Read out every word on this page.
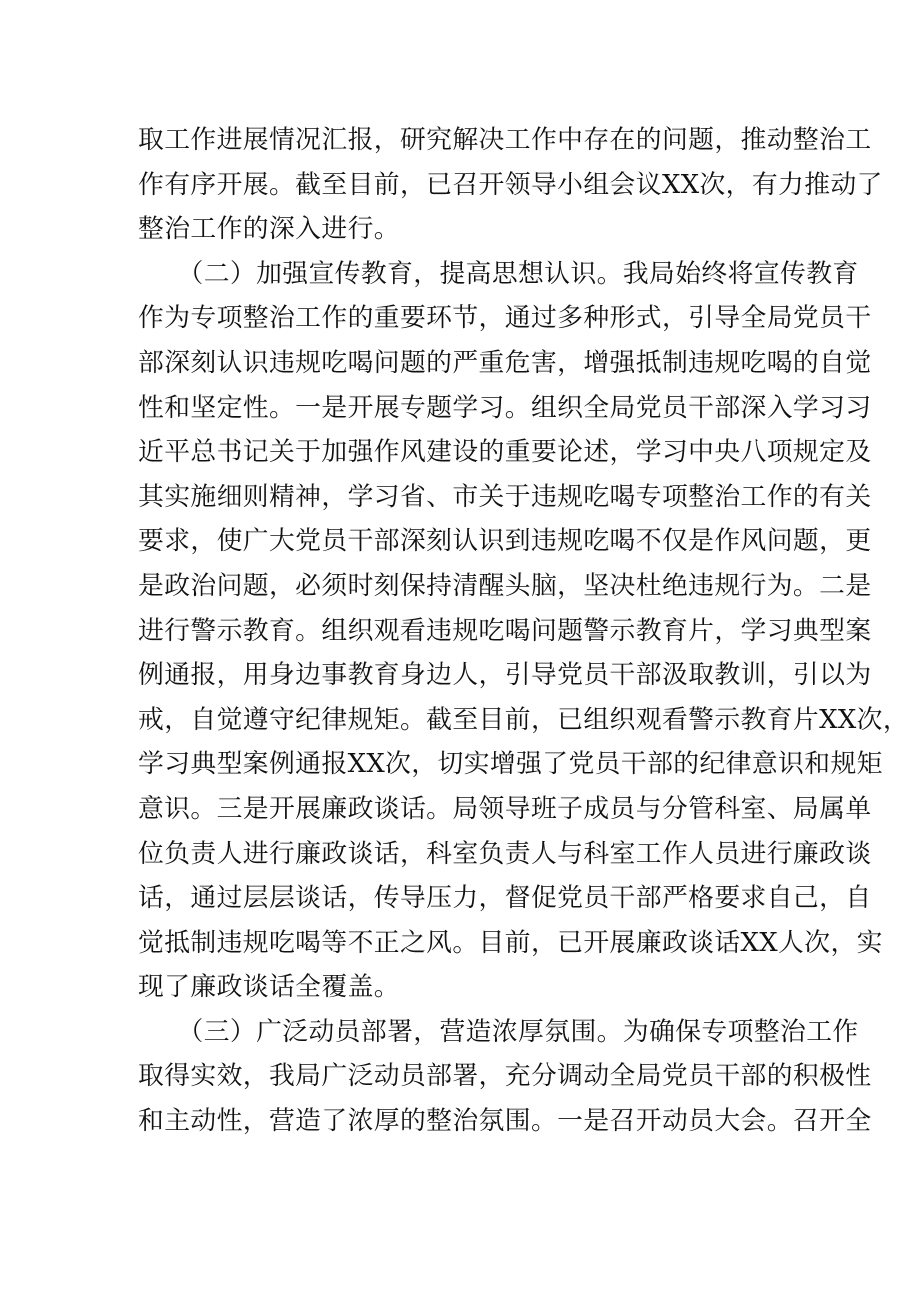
取工作进展情况汇报，研究解决工作中存在的问题，推动整治工
作有序开展。截至目前，已召开领导小组会议XX次，有力推动了
整治工作的深入进行。
　　（二）加强宣传教育，提高思想认识。我局始终将宣传教育
作为专项整治工作的重要环节，通过多种形式，引导全局党员干
部深刻认识违规吃喝问题的严重危害，增强抵制违规吃喝的自觉
性和坚定性。一是开展专题学习。组织全局党员干部深入学习习
近平总书记关于加强作风建设的重要论述，学习中央八项规定及
其实施细则精神，学习省、市关于违规吃喝专项整治工作的有关
要求，使广大党员干部深刻认识到违规吃喝不仅是作风问题，更
是政治问题，必须时刻保持清醒头脑，坚决杜绝违规行为。二是
进行警示教育。组织观看违规吃喝问题警示教育片，学习典型案
例通报，用身边事教育身边人，引导党员干部汲取教训，引以为
戒，自觉遵守纪律规矩。截至目前，已组织观看警示教育片XX次，
学习典型案例通报XX次，切实增强了党员干部的纪律意识和规矩
意识。三是开展廉政谈话。局领导班子成员与分管科室、局属单
位负责人进行廉政谈话，科室负责人与科室工作人员进行廉政谈
话，通过层层谈话，传导压力，督促党员干部严格要求自己，自
觉抵制违规吃喝等不正之风。目前，已开展廉政谈话XX人次，实
现了廉政谈话全覆盖。
　　（三）广泛动员部署，营造浓厚氛围。为确保专项整治工作
取得实效，我局广泛动员部署，充分调动全局党员干部的积极性
和主动性，营造了浓厚的整治氛围。一是召开动员大会。召开全
